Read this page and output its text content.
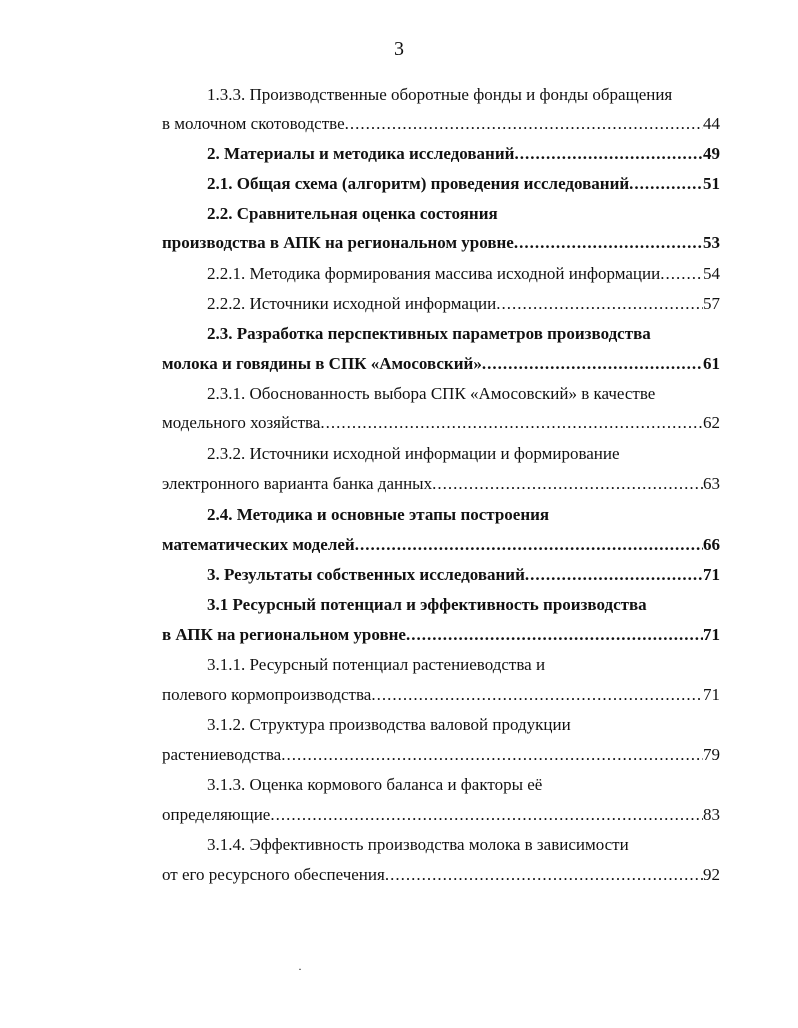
3
1.3.3. Производственные оборотные фонды и фонды обращения
в молочном скотоводстве .....	44
2. Материалы и методика исследований .....	49
2.1. Общая схема (алгоритм) проведения исследований .....	51
2.2. Сравнительная оценка состояния
производства в АПК на региональном уровне .....	53
2.2.1. Методика формирования массива исходной информации .....	54
2.2.2. Источники исходной информации .....	57
2.3. Разработка перспективных параметров производства
молока и говядины в СПК «Амосовский» .....	61
2.3.1. Обоснованность выбора СПК «Амосовский» в качестве
модельного хозяйства .....	62
2.3.2. Источники исходной информации и формирование
электронного варианта банка данных .....	63
2.4. Методика и основные этапы построения
математических моделей .....	66
3. Результаты собственных исследований .....	71
3.1 Ресурсный потенциал и эффективность производства
в АПК на региональном уровне .....	71
3.1.1. Ресурсный потенциал растениеводства и
полевого кормопроизводства .....	71
3.1.2. Структура производства валовой продукции
растениеводства .....	79
3.1.3. Оценка кормового баланса и факторы её
определяющие .....	83
3.1.4. Эффективность производства молока в зависимости
от его ресурсного обеспечения .....	92
·
